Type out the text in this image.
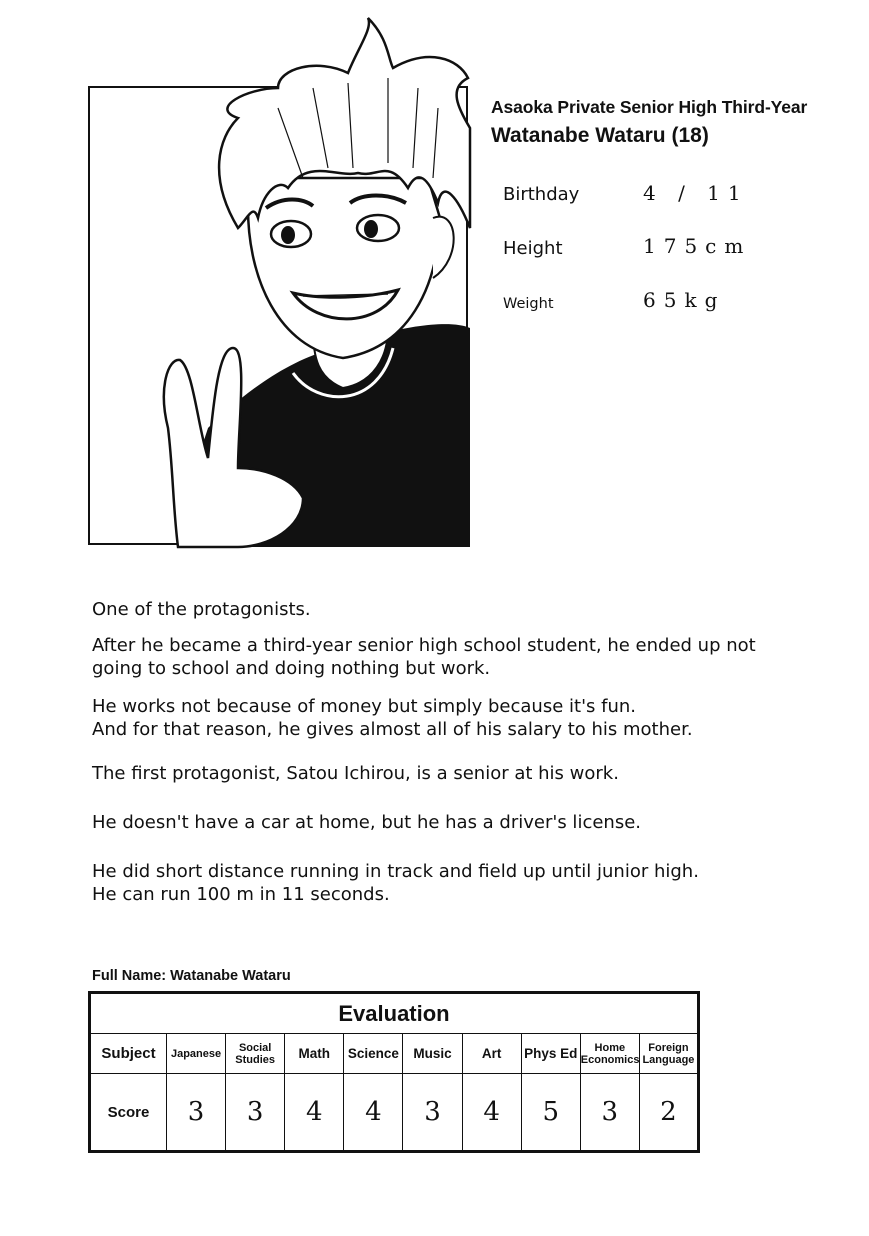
Asaoka Private Senior High Third-Year
Watanabe Wataru (18)
Birthday	4 / 11
Height	175cm
Weight	65kg
One of the protagonists.
After he became a third-year senior high school student, he ended up not
going to school and doing nothing but work.
He works not because of money but simply because it's fun.
And for that reason, he gives almost all of his salary to his mother.
The first protagonist, Satou Ichirou, is a senior at his work.
He doesn't have a car at home, but he has a driver's license.
He did short distance running in track and field up until junior high.
He can run 100 m in 11 seconds.
Full Name: Watanabe Wataru
Evaluation									
Subject	Japanese	Social Studies	Math	Science	Music	Art	Phys Ed	Home Economics	Foreign Language
Score	3	3	4	4	3	4	5	3	2
